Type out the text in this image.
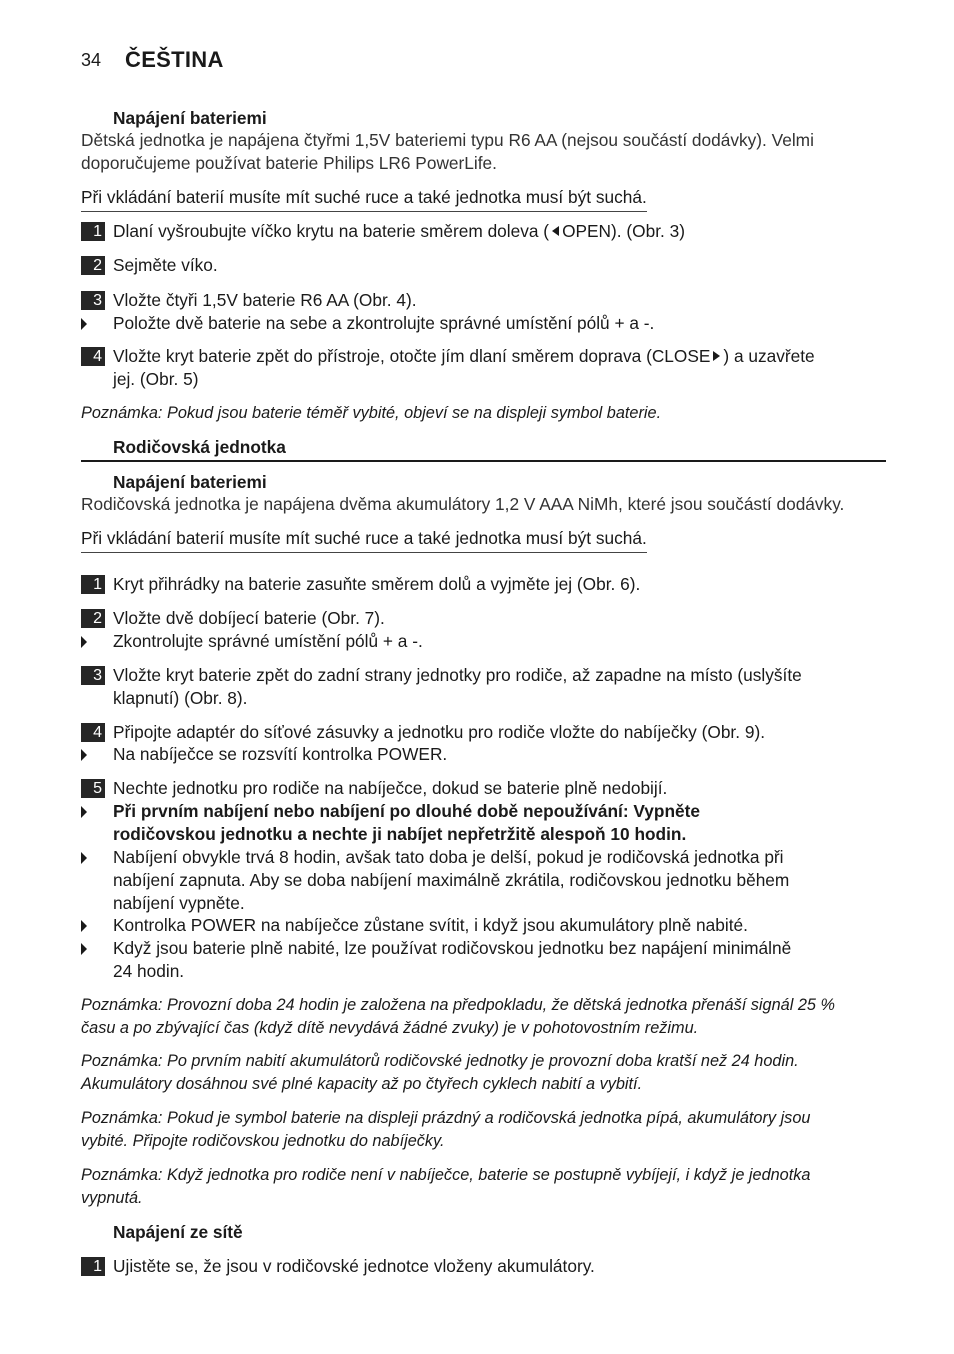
34 ČEŠTINA
Napájení bateriemi
Dětská jednotka je napájena čtyřmi 1,5V bateriemi typu R6 AA (nejsou součástí dodávky). Velmi
doporučujeme používat baterie Philips LR6 PowerLife.
Při vkládání baterií musíte mít suché ruce a také jednotka musí být suchá.
1 Dlaní vyšroubujte víčko krytu na baterie směrem doleva ( OPEN). (Obr. 3)
2 Sejměte víko.
3 Vložte čtyři 1,5V baterie R6 AA (Obr. 4).
Položte dvě baterie na sebe a zkontrolujte správné umístění pólů + a -.
4 Vložte kryt baterie zpět do přístroje, otočte jím dlaní směrem doprava (CLOSE ) a uzavřete
jej. (Obr. 5)
Poznámka: Pokud jsou baterie téměř vybité, objeví se na displeji symbol baterie.
Rodičovská jednotka
Napájení bateriemi
Rodičovská jednotka je napájena dvěma akumulátory 1,2 V AAA NiMh, které jsou součástí dodávky.
Při vkládání baterií musíte mít suché ruce a také jednotka musí být suchá.
1 Kryt přihrádky na baterie zasuňte směrem dolů a vyjměte jej (Obr. 6).
2 Vložte dvě dobíjecí baterie (Obr. 7).
Zkontrolujte správné umístění pólů + a -.
3 Vložte kryt baterie zpět do zadní strany jednotky pro rodiče, až zapadne na místo (uslyšíte
klapnutí) (Obr. 8).
4 Připojte adaptér do síťové zásuvky a jednotku pro rodiče vložte do nabíječky (Obr. 9).
Na nabíječce se rozsvítí kontrolka POWER.
5 Nechte jednotku pro rodiče na nabíječce, dokud se baterie plně nedobijí.
Při prvním nabíjení nebo nabíjení po dlouhé době nepoužívání: Vypněte
rodičovskou jednotku a nechte ji nabíjet nepřetržitě alespoň 10 hodin.
Nabíjení obvykle trvá 8 hodin, avšak tato doba je delší, pokud je rodičovská jednotka při
nabíjení zapnuta. Aby se doba nabíjení maximálně zkrátila, rodičovskou jednotku během
nabíjení vypněte.
Kontrolka POWER na nabíječce zůstane svítit, i když jsou akumulátory plně nabité.
Když jsou baterie plně nabité, lze používat rodičovskou jednotku bez napájení minimálně
24 hodin.
Poznámka: Provozní doba 24 hodin je založena na předpokladu, že dětská jednotka přenáší signál 25 %
času a po zbývající čas (když dítě nevydává žádné zvuky) je v pohotovostním režimu.
Poznámka: Po prvním nabití akumulátorů rodičovské jednotky je provozní doba kratší než 24 hodin.
Akumulátory dosáhnou své plné kapacity až po čtyřech cyklech nabití a vybití.
Poznámka: Pokud je symbol baterie na displeji prázdný a rodičovská jednotka pípá, akumulátory jsou
vybité. Připojte rodičovskou jednotku do nabíječky.
Poznámka: Když jednotka pro rodiče není v nabíječce, baterie se postupně vybíjejí, i když je jednotka
vypnutá.
Napájení ze sítě
1 Ujistěte se, že jsou v rodičovské jednotce vloženy akumulátory.
